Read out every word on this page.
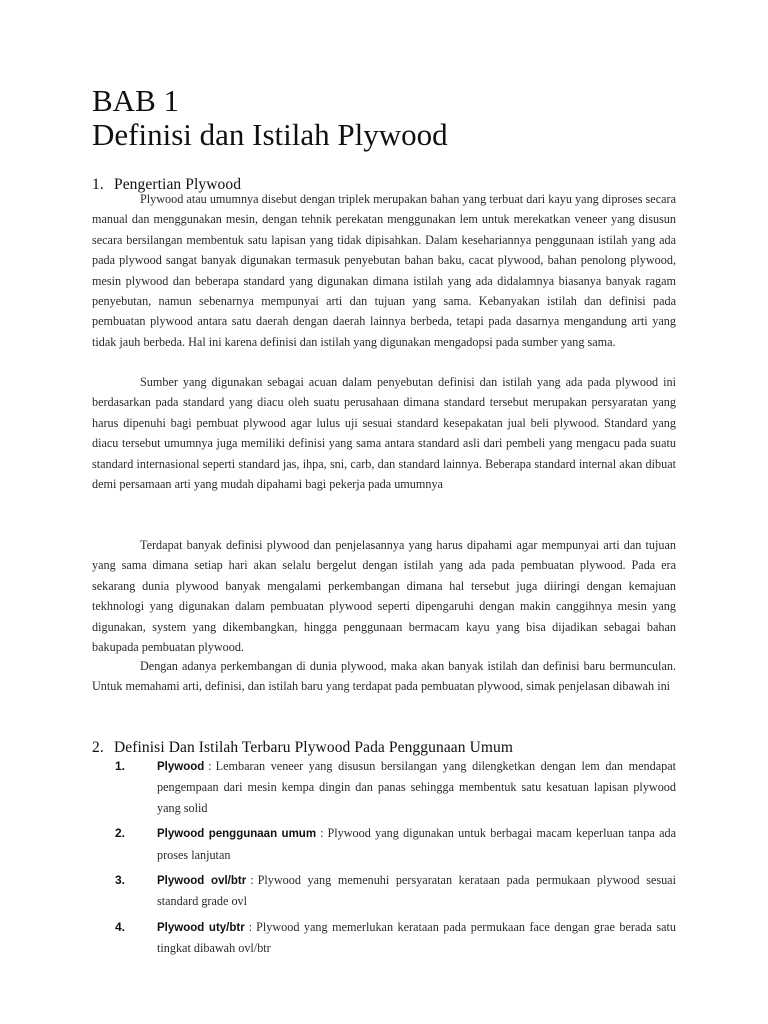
BAB 1
Definisi dan Istilah Plywood
1. Pengertian Plywood

Plywood atau umumnya disebut dengan triplek merupakan bahan yang terbuat dari kayu yang diproses secara manual dan menggunakan mesin, dengan tehnik perekatan menggunakan lem untuk merekatkan veneer yang disusun secara bersilangan membentuk satu lapisan yang tidak dipisahkan. Dalam kesehariannya penggunaan istilah yang ada pada plywood sangat banyak digunakan termasuk penyebutan bahan baku, cacat plywood, bahan penolong plywood, mesin plywood dan beberapa standard yang digunakan dimana istilah yang ada didalamnya biasanya banyak ragam penyebutan, namun sebenarnya mempunyai arti dan tujuan yang sama. Kebanyakan istilah dan definisi pada pembuatan plywood antara satu daerah dengan daerah lainnya berbeda, tetapi pada dasarnya mengandung arti yang tidak jauh berbeda. Hal ini karena definisi dan istilah yang digunakan mengadopsi pada sumber yang sama.

Sumber yang digunakan sebagai acuan dalam penyebutan definisi dan istilah yang ada pada plywood ini berdasarkan pada standard yang diacu oleh suatu perusahaan dimana standard tersebut merupakan persyaratan yang harus dipenuhi bagi pembuat plywood agar lulus uji sesuai standard kesepakatan jual beli plywood. Standard yang diacu tersebut umumnya juga memiliki definisi yang sama antara standard asli dari pembeli yang mengacu pada suatu standard internasional seperti standard jas, ihpa, sni, carb, dan standard lainnya. Beberapa standard internal akan dibuat demi persamaan arti yang mudah dipahami bagi pekerja pada umumnya

Terdapat banyak definisi plywood dan penjelasannya yang harus dipahami agar mempunyai arti dan tujuan yang sama dimana setiap hari akan selalu bergelut dengan istilah yang ada pada pembuatan plywood. Pada era sekarang dunia plywood banyak mengalami perkembangan dimana hal tersebut juga diiringi dengan kemajuan tekhnologi yang digunakan dalam pembuatan plywood seperti dipengaruhi dengan makin canggihnya mesin yang digunakan, system yang dikembangkan, hingga penggunaan bermacam kayu yang bisa dijadikan sebagai bahan bakupada pembuatan plywood.

Dengan adanya perkembangan di dunia plywood, maka akan banyak istilah dan definisi baru bermunculan. Untuk memahami arti, definisi, dan istilah baru yang terdapat pada pembuatan plywood, simak penjelasan dibawah ini

2. Definisi Dan Istilah Terbaru Plywood Pada Penggunaan Umum
1.	Plywood : Lembaran veneer yang disusun bersilangan yang dilengketkan dengan lem dan mendapat pengempaan dari mesin kempa dingin dan panas sehingga membentuk satu kesatuan lapisan plywood yang solid
2.	Plywood penggunaan umum : Plywood yang digunakan untuk berbagai macam keperluan tanpa ada proses lanjutan
3.	Plywood ovl/btr : Plywood yang memenuhi persyaratan kerataan pada permukaan plywood sesuai standard grade ovl
4.	Plywood uty/btr : Plywood yang memerlukan kerataan pada permukaan face dengan grae berada satu tingkat dibawah ovl/btr
